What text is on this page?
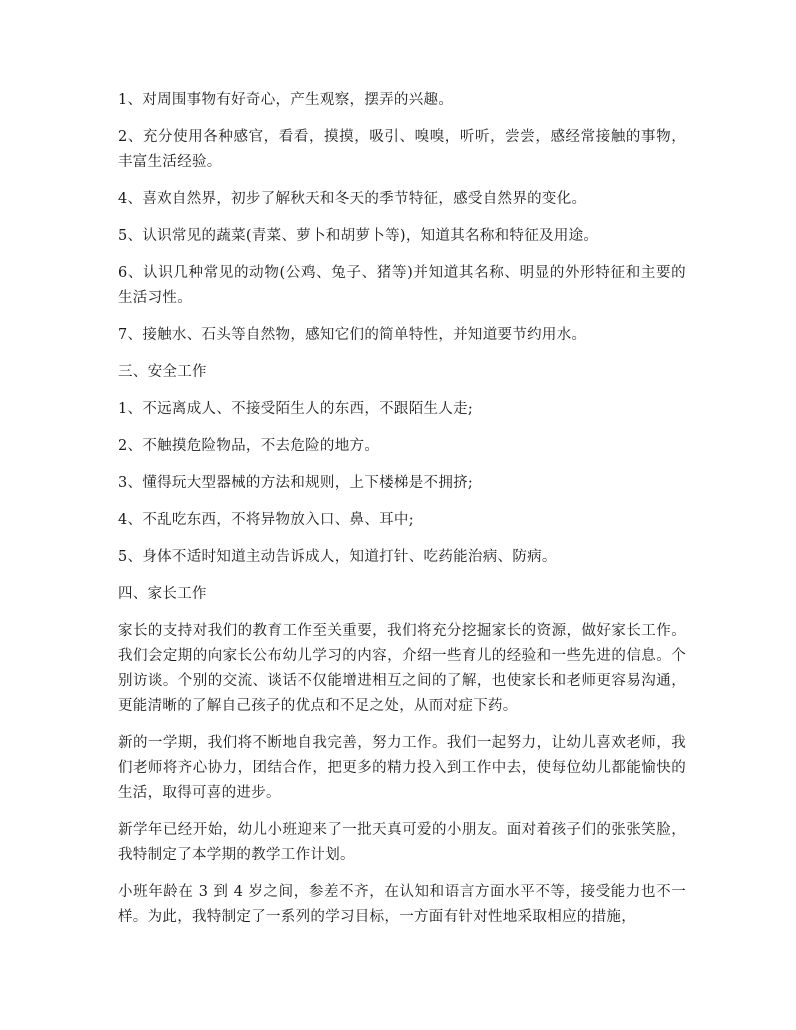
1、对周围事物有好奇心，产生观察，摆弄的兴趣。

2、充分使用各种感官，看看，摸摸，吸引、嗅嗅，听听，尝尝，感经常接触的事物，丰富生活经验。

4、喜欢自然界，初步了解秋天和冬天的季节特征，感受自然界的变化。

5、认识常见的蔬菜(青菜、萝卜和胡萝卜等)，知道其名称和特征及用途。

6、认识几种常见的动物(公鸡、兔子、猪等)并知道其名称、明显的外形特征和主要的生活习性。

7、接触水、石头等自然物，感知它们的简单特性，并知道要节约用水。

三、安全工作

1、不远离成人、不接受陌生人的东西，不跟陌生人走;

2、不触摸危险物品，不去危险的地方。

3、懂得玩大型器械的方法和规则，上下楼梯是不拥挤;

4、不乱吃东西，不将异物放入口、鼻、耳中;

5、身体不适时知道主动告诉成人，知道打针、吃药能治病、防病。

四、家长工作

家长的支持对我们的教育工作至关重要，我们将充分挖掘家长的资源，做好家长工作。我们会定期的向家长公布幼儿学习的内容，介绍一些育儿的经验和一些先进的信息。个别访谈。个别的交流、谈话不仅能增进相互之间的了解，也使家长和老师更容易沟通，更能清晰的了解自己孩子的优点和不足之处，从而对症下药。

新的一学期，我们将不断地自我完善，努力工作。我们一起努力，让幼儿喜欢老师，我们老师将齐心协力，团结合作，把更多的精力投入到工作中去，使每位幼儿都能愉快的生活，取得可喜的进步。

新学年已经开始，幼儿小班迎来了一批天真可爱的小朋友。面对着孩子们的张张笑脸，我特制定了本学期的教学工作计划。

小班年龄在 3 到 4 岁之间，参差不齐，在认知和语言方面水平不等，接受能力也不一样。为此，我特制定了一系列的学习目标，一方面有针对性地采取相应的措施，
